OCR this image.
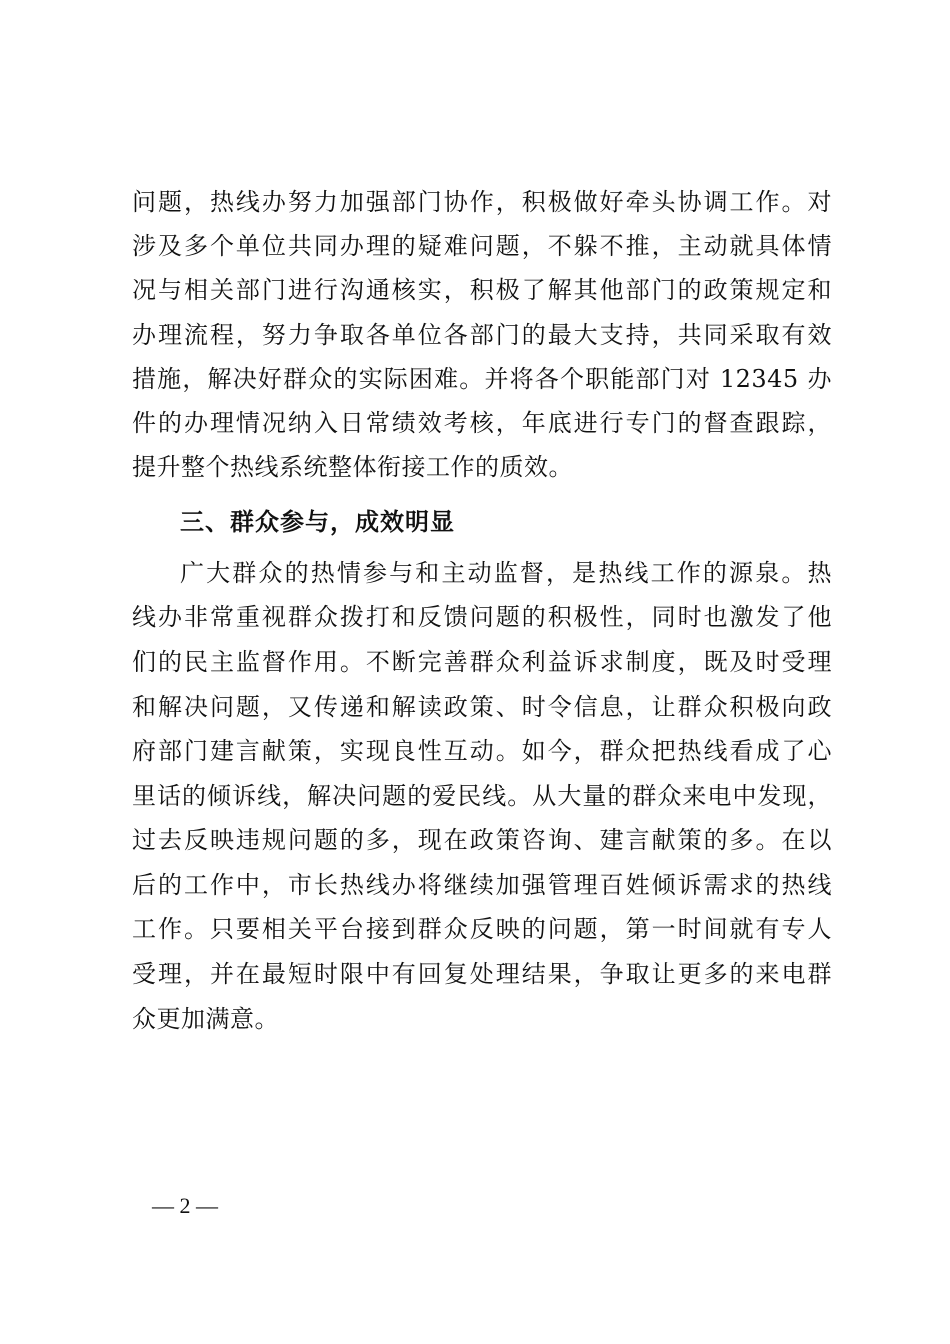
问题，热线办努力加强部门协作，积极做好牵头协调工作。对
涉及多个单位共同办理的疑难问题，不躲不推，主动就具体情
况与相关部门进行沟通核实，积极了解其他部门的政策规定和
办理流程，努力争取各单位各部门的最大支持，共同采取有效
措施，解决好群众的实际困难。并将各个职能部门对 12345 办
件的办理情况纳入日常绩效考核，年底进行专门的督查跟踪，
提升整个热线系统整体衔接工作的质效。
三、群众参与，成效明显
广大群众的热情参与和主动监督，是热线工作的源泉。热
线办非常重视群众拨打和反馈问题的积极性，同时也激发了他
们的民主监督作用。不断完善群众利益诉求制度，既及时受理
和解决问题，又传递和解读政策、时令信息，让群众积极向政
府部门建言献策，实现良性互动。如今，群众把热线看成了心
里话的倾诉线，解决问题的爱民线。从大量的群众来电中发现，
过去反映违规问题的多，现在政策咨询、建言献策的多。在以
后的工作中，市长热线办将继续加强管理百姓倾诉需求的热线
工作。只要相关平台接到群众反映的问题，第一时间就有专人
受理，并在最短时限中有回复处理结果，争取让更多的来电群
众更加满意。
— 2 —
